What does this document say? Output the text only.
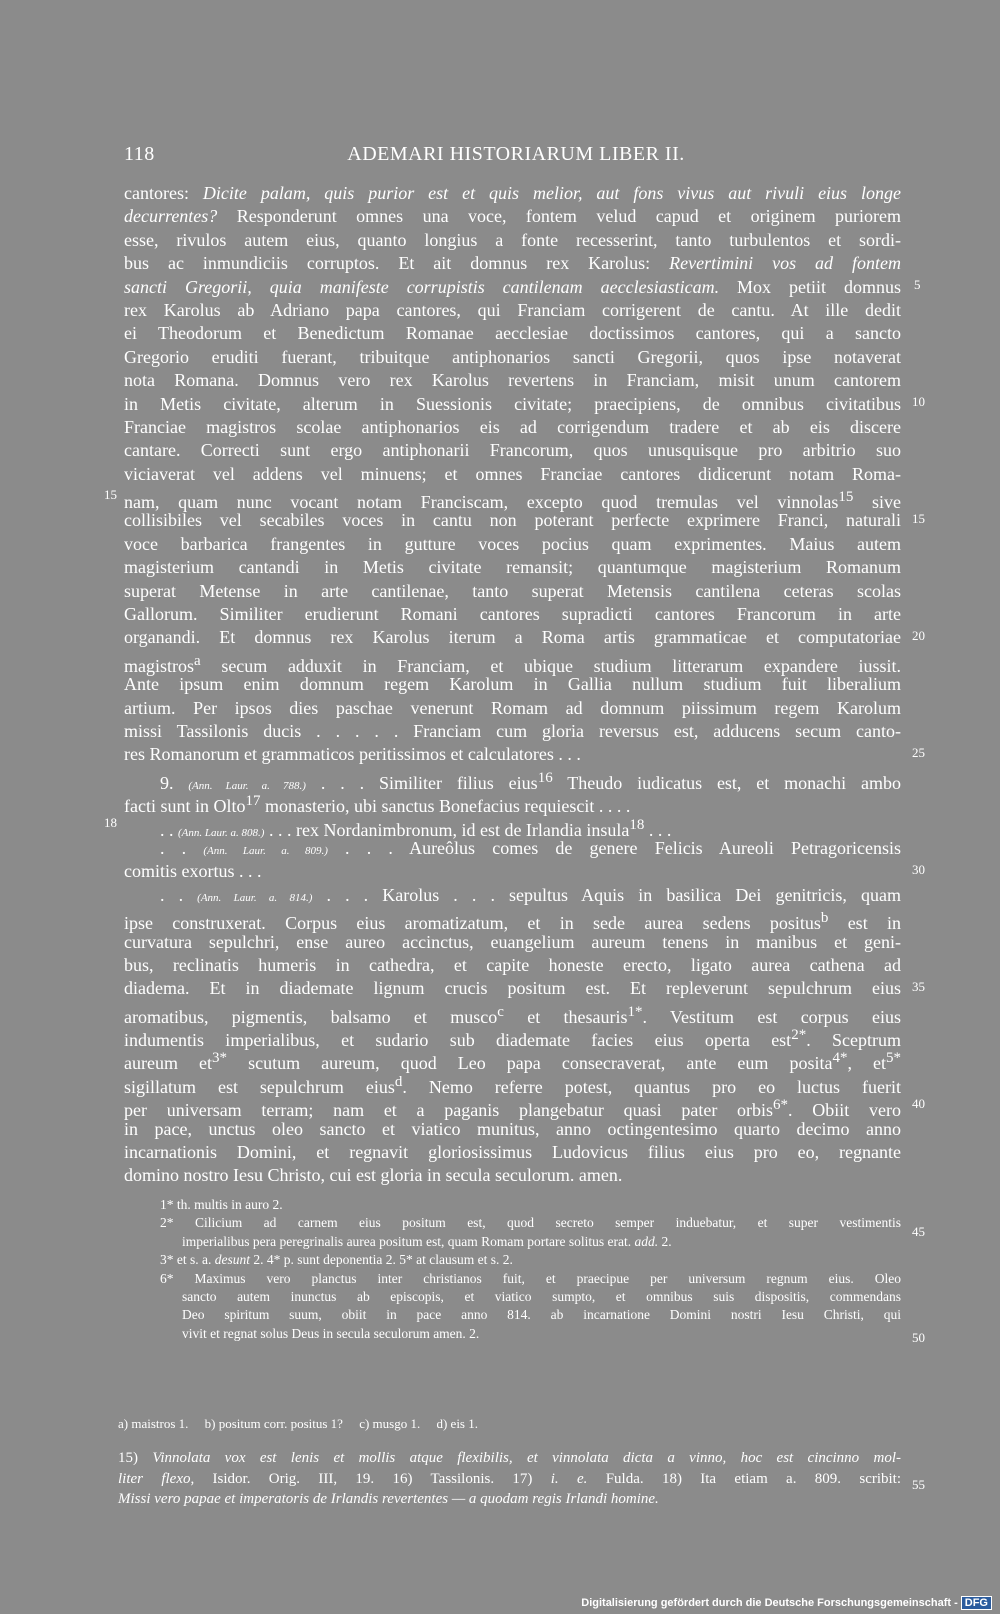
118	ADEMARI HISTORIARUM LIBER II.
cantores: Dicite palam, quis purior est et quis melior, aut fons vivus aut rivuli eius longe
decurrentes? Responderunt omnes una voce, fontem velud capud et originem puriorem
esse, rivulos autem eius, quanto longius a fonte recesserint, tanto turbulentos et sordi-
bus ac inmundiciis corruptos. Et ait domnus rex Karolus: Revertimini vos ad fontem
sancti Gregorii, quia manifeste corrupistis cantilenam aecclesiasticam. Mox petiit domnus
rex Karolus ab Adriano papa cantores, qui Franciam corrigerent de cantu. At ille dedit
ei Theodorum et Benedictum Romanae aecclesiae doctissimos cantores, qui a sancto
Gregorio eruditi fuerant, tribuitque antiphonarios sancti Gregorii, quos ipse notaverat
nota Romana. Domnus vero rex Karolus revertens in Franciam, misit unum cantorem
in Metis civitate, alterum in Suessionis civitate; praecipiens, de omnibus civitatibus
Franciae magistros scolae antiphonarios eis ad corrigendum tradere et ab eis discere
cantare. Correcti sunt ergo antiphonarii Francorum, quos unusquisque pro arbitrio suo
viciaverat vel addens vel minuens; et omnes Franciae cantores didicerunt notam Roma-
nam, quam nunc vocant notam Franciscam, excepto quod tremulas vel vinnolas$^{15}$ sive
collisibiles vel secabiles voces in cantu non poterant perfecte exprimere Franci, naturali
voce barbarica frangentes in gutture voces pocius quam exprimentes. Maius autem
magisterium cantandi in Metis civitate remansit; quantumque magisterium Romanum
superat Metense in arte cantilenae, tanto superat Metensis cantilena ceteras scolas
Gallorum. Similiter erudierunt Romani cantores supradicti cantores Francorum in arte
organandi. Et domnus rex Karolus iterum a Roma artis grammaticae et computatoriae
magistros$^a$ secum adduxit in Franciam, et ubique studium litterarum expandere iussit.
Ante ipsum enim domnum regem Karolum in Gallia nullum studium fuit liberalium
artium. Per ipsos dies paschae venerunt Romam ad domnum piissimum regem Karolum
missi Tassilonis ducis . . . . . Franciam cum gloria reversus est, adducens secum canto-
res Romanorum et grammaticos peritissimos et calculatores . . .
9. (Ann. Laur. a. 788.) . . . Similiter filius eius$^{16}$ Theudo iudicatus est, et monachi ambo
facti sunt in Olto$^{17}$ monasterio, ubi sanctus Bonefacius requiescit . . . .
. . (Ann. Laur. a. 808.) . . . rex Nordanimbronum, id est de Irlandia insula$^{18}$ . . .
. . (Ann. Laur. a. 809.) . . . Aureôlus comes de genere Felicis Aureoli Petragoricensis
comitis exortus . . .
. . (Ann. Laur. a. 814.) . . . Karolus . . . sepultus Aquis in basilica Dei genitricis, quam
ipse construxerat. Corpus eius aromatizatum, et in sede aurea sedens positus$^b$ est in
curvatura sepulchri, ense aureo accinctus, euangelium aureum tenens in manibus et geni-
bus, reclinatis humeris in cathedra, et capite honeste erecto, ligato aurea cathena ad
diadema. Et in diademate lignum crucis positum est. Et repleverunt sepulchrum eius
aromatibus, pigmentis, balsamo et musco$^c$ et thesauris$^{1*}$. Vestitum est corpus eius
indumentis imperialibus, et sudario sub diademate facies eius operta est$^{2*}$. Sceptrum
aureum $et^{3*}$ scutum aureum, quod Leo papa consecraverat, ante eum posita$^{4*}$, $et^{5*}$
sigillatum est sepulchrum eius$^d$. Nemo referre potest, quantus pro eo luctus fuerit
per universam terram; nam et a paganis plangebatur quasi pater orbis$^{6*}$. Obiit vero
in pace, unctus oleo sancto et viatico munitus, anno octingentesimo quarto decimo anno
incarnationis Domini, et regnavit gloriosissimus Ludovicus filius eius pro eo, regnante
domino nostro Iesu Christo, cui est gloria in secula seculorum. amen.
5
10
15
15
20
25
18
30
35
40
45
50
55
1* th. multis in auro 2.
2* Cilicium ad carnem eius positum est, quod secreto semper induebatur, et super vestimentis
imperialibus pera peregrinalis aurea positum est, quam Romam portare solitus erat. add. 2.
3* et s. a. desunt 2. 4* p. sunt deponentia 2. 5* at clausum et s. 2.
6* Maximus vero planctus inter christianos fuit, et praecipue per universum regnum eius. Oleo
sancto autem inunctus ab episcopis, et viatico sumpto, et omnibus suis dispositis, commendans
Deo spiritum suum, obiit in pace anno 814. ab incarnatione Domini nostri Iesu Christi, qui
vivit et regnat solus Deus in secula seculorum amen. 2.
a) maistros 1.     b) positum corr. positus 1?     c) musgo 1.     d) eis 1.
15) Vinnolata vox est lenis et mollis atque flexibilis, et vinnolata dicta a vinno, hoc est cincinno mol-
liter flexo, Isidor. Orig. III, 19. 16) Tassilonis. 17) i. e. Fulda. 18) Ita etiam a. 809. scribit:
Missi vero papae et imperatoris de Irlandis revertentes — a quodam regis Irlandi homine.
Digitalisierung gefördert durch die Deutsche Forschungsgemeinschaft - DFG
